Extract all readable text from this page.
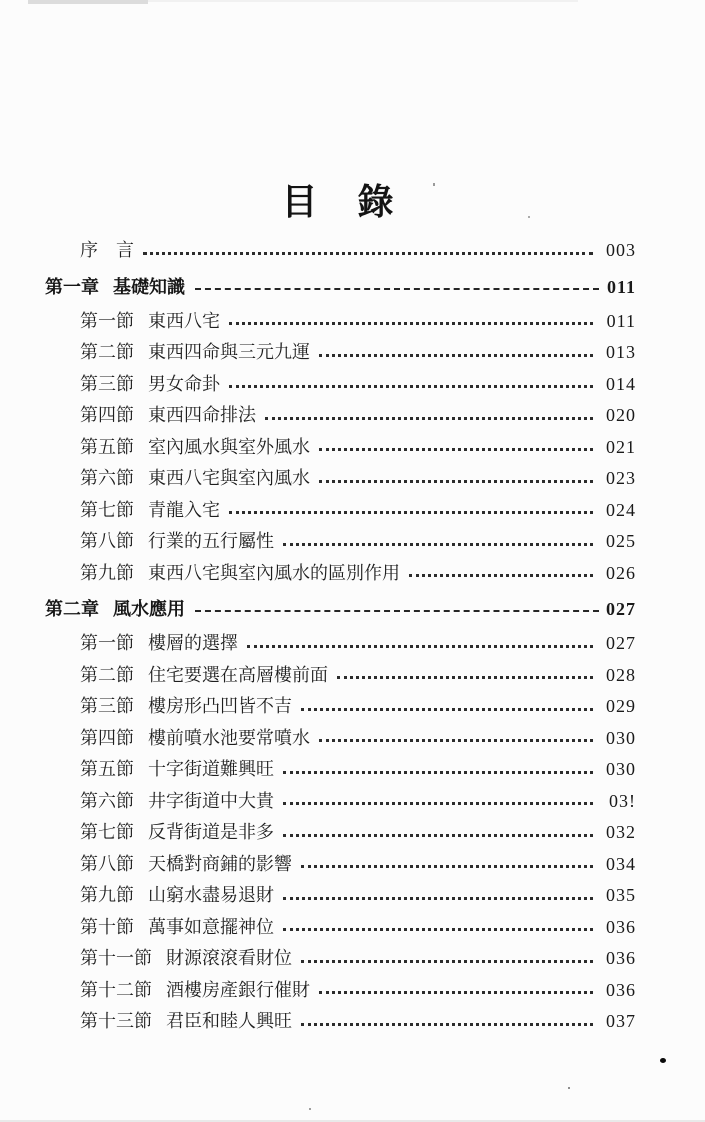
目　錄
序　言	003
第一章 基礎知識	011
第一節 東西八宅	011
第二節 東西四命與三元九運	013
第三節 男女命卦	014
第四節 東西四命排法	020
第五節 室內風水與室外風水	021
第六節 東西八宅與室內風水	023
第七節 青龍入宅	024
第八節 行業的五行屬性	025
第九節 東西八宅與室內風水的區別作用	026
第二章 風水應用	027
第一節 樓層的選擇	027
第二節 住宅要選在高層樓前面	028
第三節 樓房形凸凹皆不吉	029
第四節 樓前噴水池要常噴水	030
第五節 十字街道難興旺	030
第六節 井字街道中大貴	03!
第七節 反背街道是非多	032
第八節 天橋對商鋪的影響	034
第九節 山窮水盡易退財	035
第十節 萬事如意擺神位	036
第十一節 財源滾滾看財位	036
第十二節 酒樓房產銀行催財	036
第十三節 君臣和睦人興旺	037
